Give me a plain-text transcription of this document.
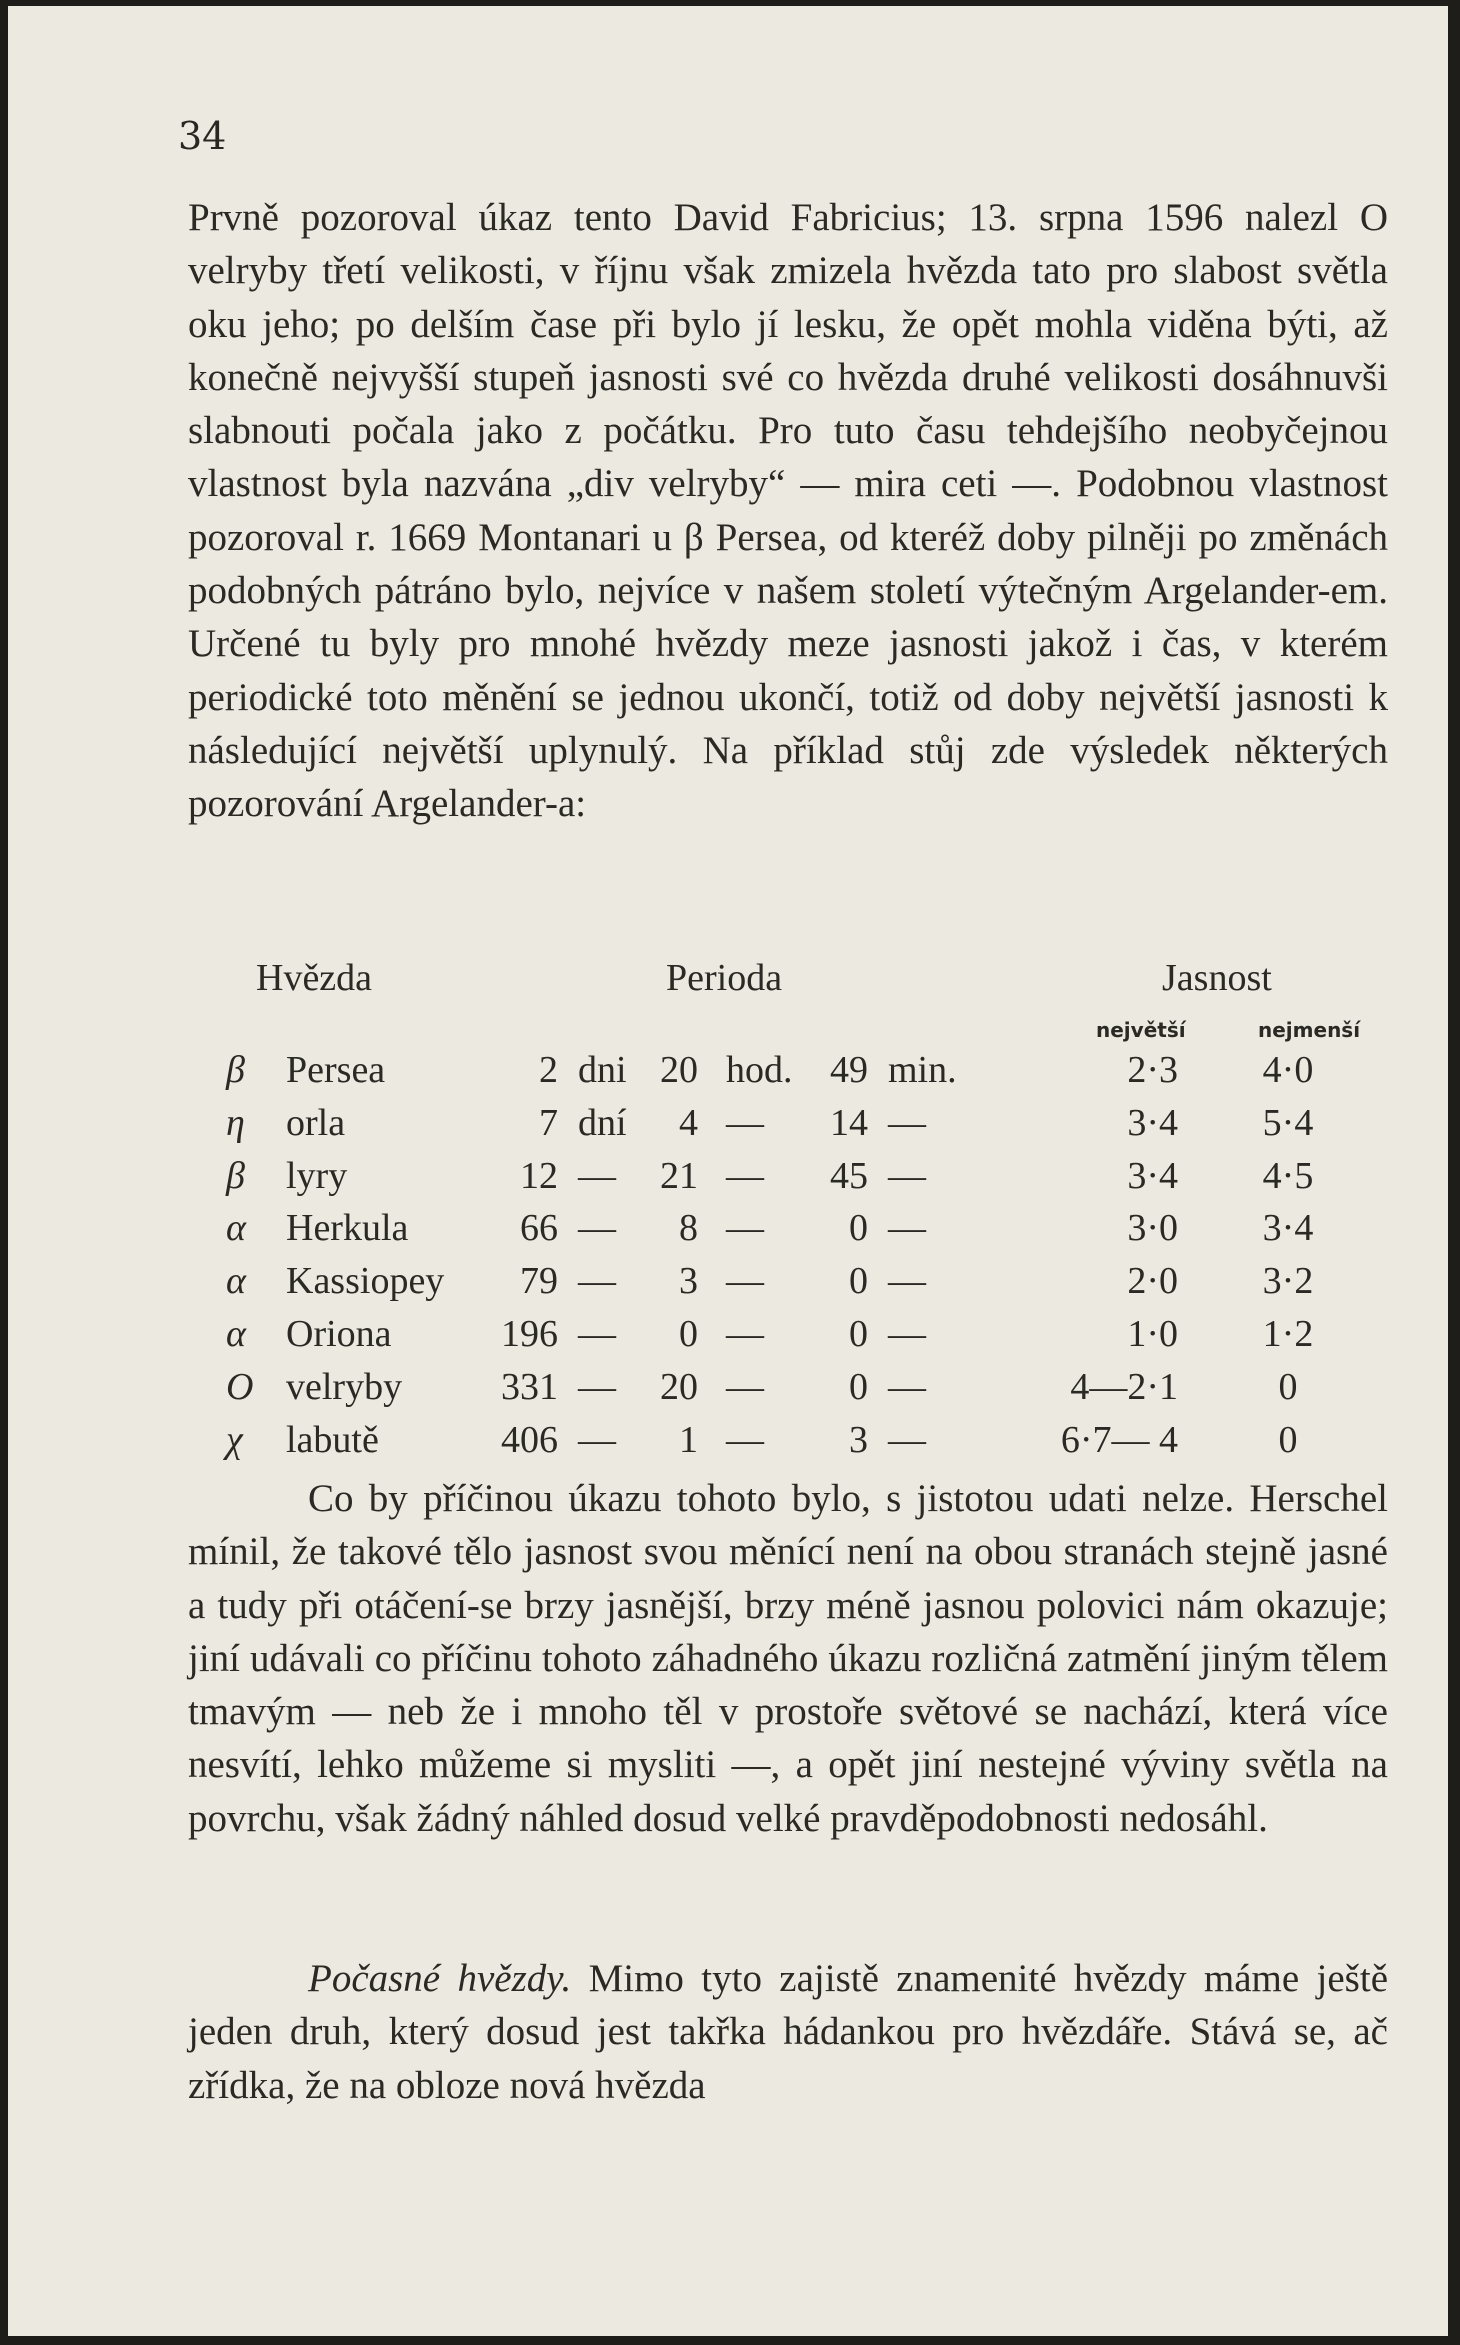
34
Prvně pozoroval úkaz tento David Fabricius; 13. srpna 1596 nalezl O velryby třetí velikosti, v říjnu však zmizela hvězda tato pro slabost světla oku jeho; po delším čase při bylo jí lesku, že opět mohla viděna býti, až konečně nejvyšší stupeň jasnosti své co hvězda druhé velikosti dosáhnuvši slabnouti počala jako z počátku. Pro tuto času tehdejšího neobyčejnou vlastnost byla nazvána „div velryby“ — mira ceti —. Podobnou vlastnost pozoroval r. 1669 Montanari u β Persea, od kteréž doby pilněji po změnách podobných pátráno bylo, nejvíce v našem století výtečným Argelander-em. Určené tu byly pro mnohé hvězdy meze jasnosti jakož i čas, v kterém periodické toto měnění se jednou ukončí, totiž od doby největší jasnosti k následující největší uplynulý. Na příklad stůj zde výsledek některých pozorování Argelander-a:
Hvězda	Perioda	Jasnost
největší	nejmenší
β Persea	2 dni 20 hod. 49 min.	2·3	4·0
η orla	7 dní	4 —	14 —	3·4	5·4
β lyry	12 —	21 —	45 —	3·4	4·5
α Herkula	66 —	8 —	0 —	3·0	3·4
α Kassiopey	79 —	3 —	0 —	2·0	3·2
α Oriona	196 —	0 —	0 —	1·0	1·2
O velryby	331 —	20 —	0 —	4—2·1	0
χ labutě	406 —	1 —	3 —	6·7— 4	0
Co by příčinou úkazu tohoto bylo, s jistotou udati nelze. Herschel mínil, že takové tělo jasnost svou měnící není na obou stranách stejně jasné a tudy při otáčení-se brzy jasnější, brzy méně jasnou polovici nám okazuje; jiní udávali co příčinu tohoto záhadného úkazu rozličná zatmění jiným tělem tmavým — neb že i mnoho těl v prostoře světové se nachází, která více nesvítí, lehko můžeme si mysliti —, a opět jiní nestejné výviny světla na povrchu, však žádný náhled dosud velké pravděpodobnosti nedosáhl.
Počasné hvězdy. Mimo tyto zajistě znamenité hvězdy máme ještě jeden druh, který dosud jest takřka hádankou pro hvězdáře. Stává se, ač zřídka, že na obloze nová hvězda
